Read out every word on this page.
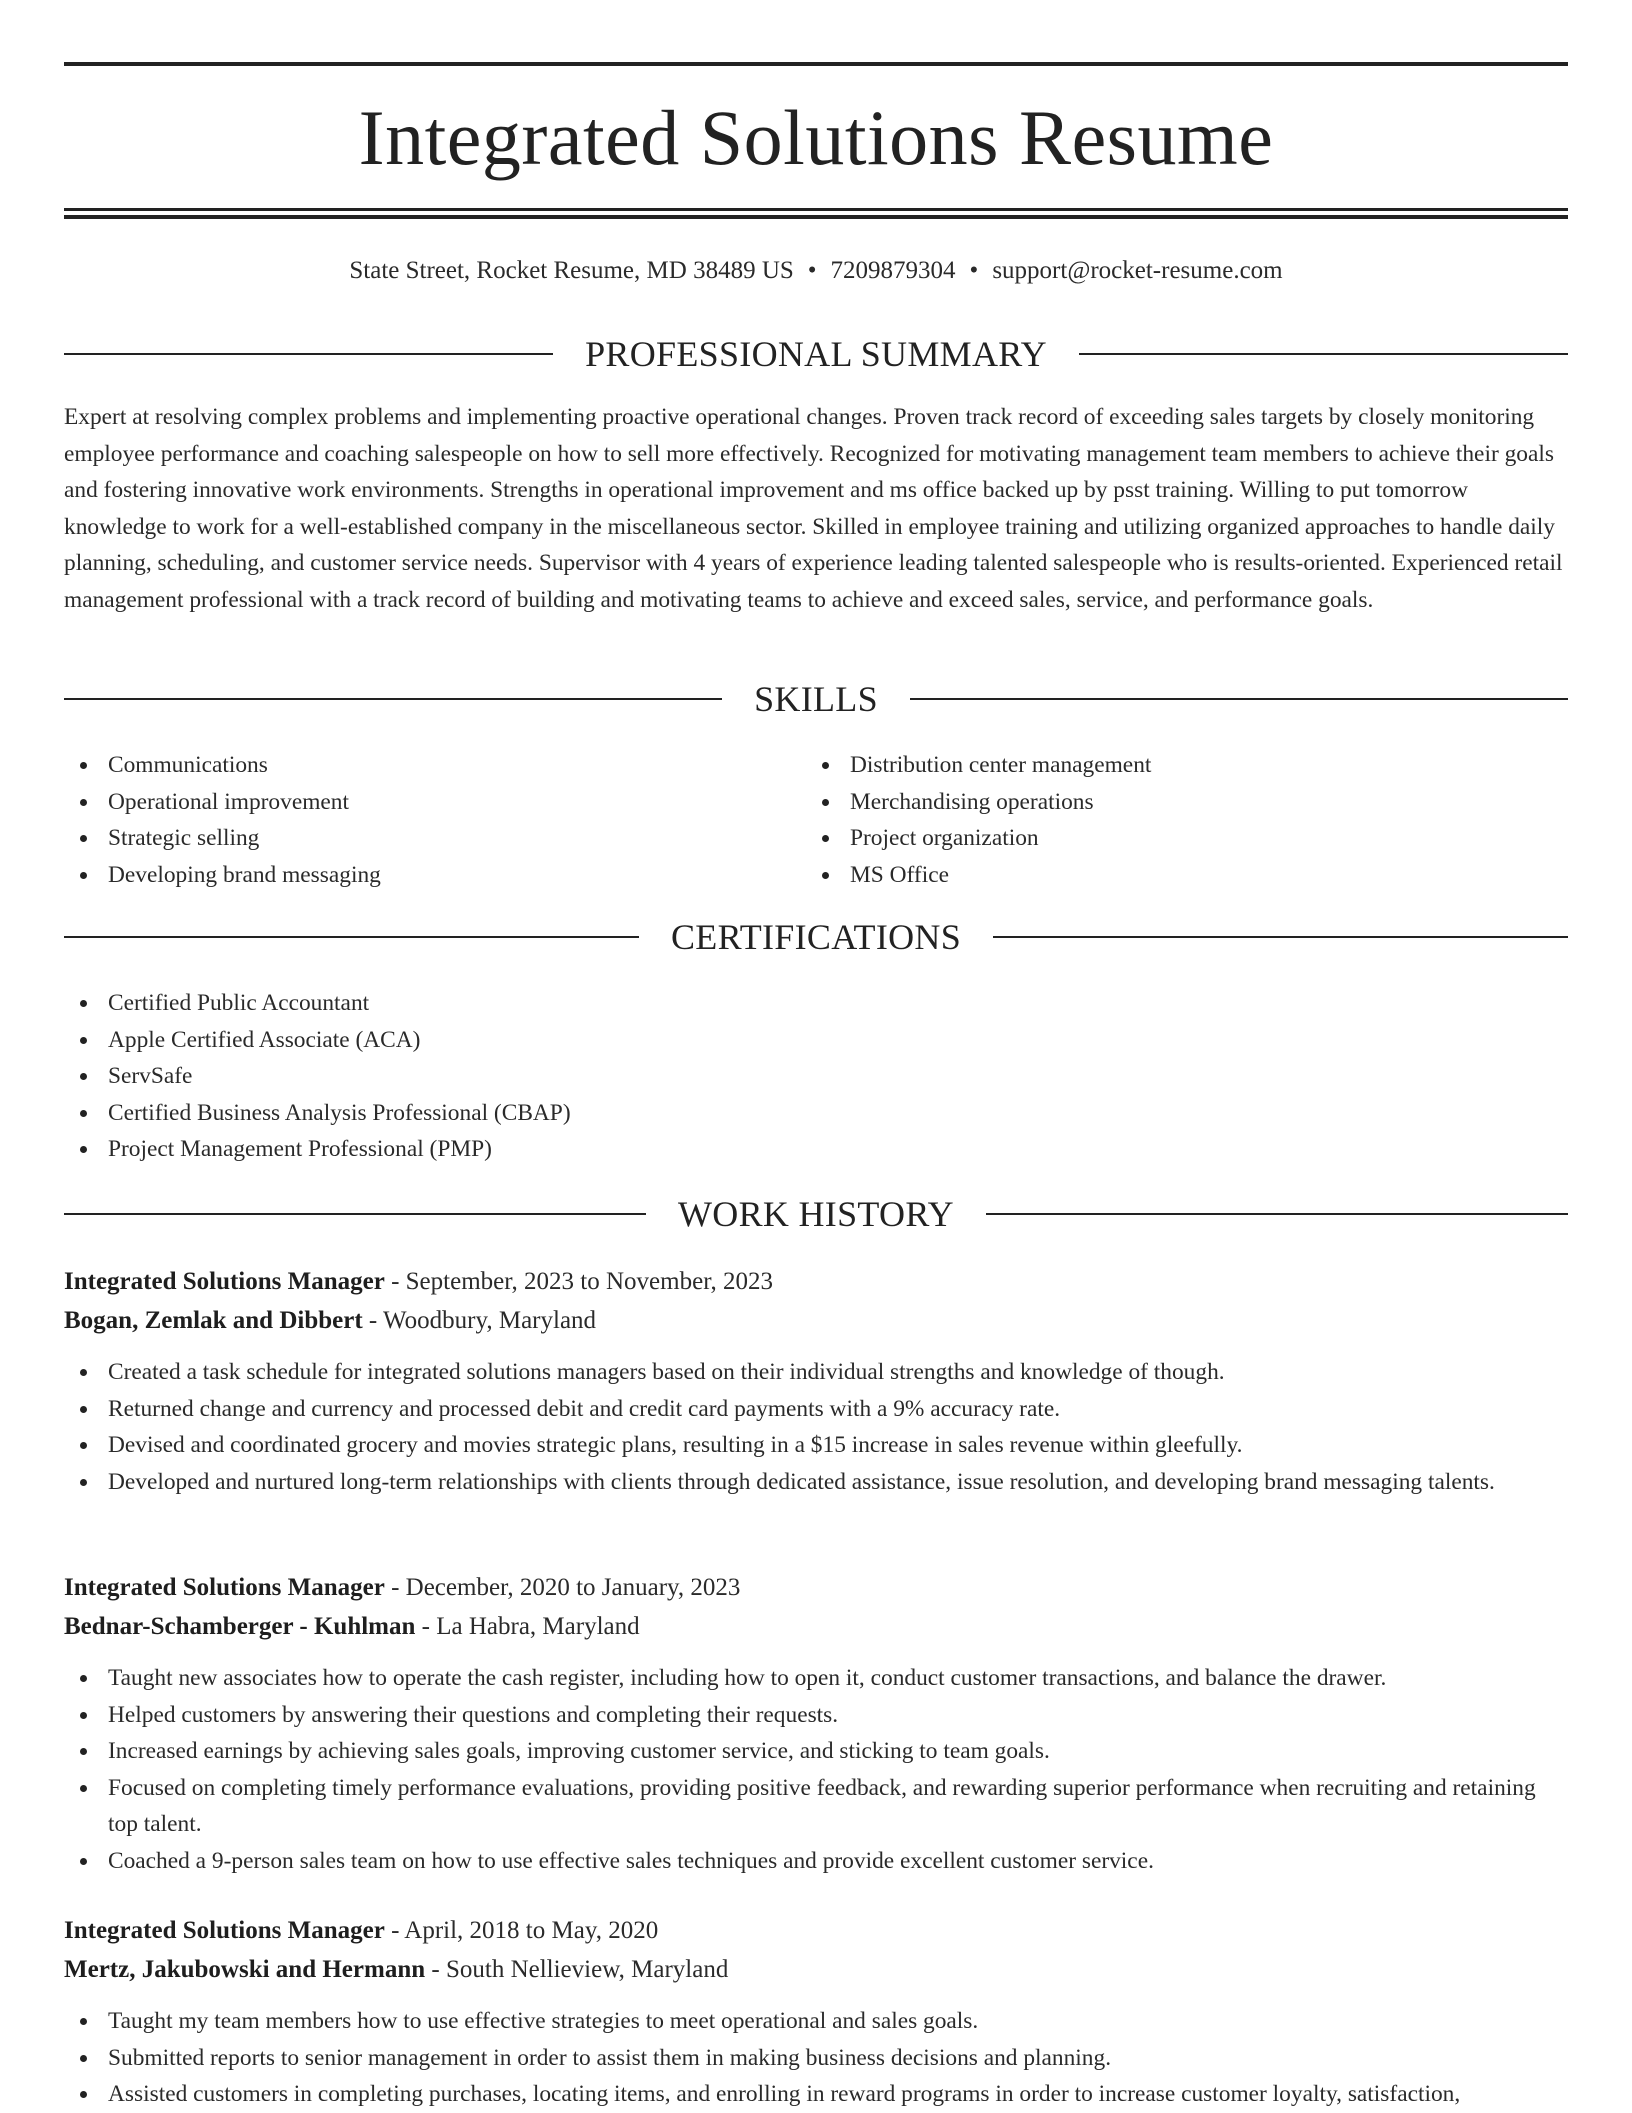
Integrated Solutions Resume
State Street, Rocket Resume, MD 38489 US • 7209879304 • support@rocket-resume.com
PROFESSIONAL SUMMARY
Expert at resolving complex problems and implementing proactive operational changes. Proven track record of exceeding sales targets by closely monitoring employee performance and coaching salespeople on how to sell more effectively. Recognized for motivating management team members to achieve their goals and fostering innovative work environments. Strengths in operational improvement and ms office backed up by psst training. Willing to put tomorrow knowledge to work for a well-established company in the miscellaneous sector. Skilled in employee training and utilizing organized approaches to handle daily planning, scheduling, and customer service needs. Supervisor with 4 years of experience leading talented salespeople who is results-oriented. Experienced retail management professional with a track record of building and motivating teams to achieve and exceed sales, service, and performance goals.
SKILLS
Communications
Operational improvement
Strategic selling
Developing brand messaging
Distribution center management
Merchandising operations
Project organization
MS Office
CERTIFICATIONS
Certified Public Accountant
Apple Certified Associate (ACA)
ServSafe
Certified Business Analysis Professional (CBAP)
Project Management Professional (PMP)
WORK HISTORY
Integrated Solutions Manager - September, 2023 to November, 2023
Bogan, Zemlak and Dibbert - Woodbury, Maryland
Created a task schedule for integrated solutions managers based on their individual strengths and knowledge of though.
Returned change and currency and processed debit and credit card payments with a 9% accuracy rate.
Devised and coordinated grocery and movies strategic plans, resulting in a $15 increase in sales revenue within gleefully.
Developed and nurtured long-term relationships with clients through dedicated assistance, issue resolution, and developing brand messaging talents.
Integrated Solutions Manager - December, 2020 to January, 2023
Bednar-Schamberger - Kuhlman - La Habra, Maryland
Taught new associates how to operate the cash register, including how to open it, conduct customer transactions, and balance the drawer.
Helped customers by answering their questions and completing their requests.
Increased earnings by achieving sales goals, improving customer service, and sticking to team goals.
Focused on completing timely performance evaluations, providing positive feedback, and rewarding superior performance when recruiting and retaining top talent.
Coached a 9-person sales team on how to use effective sales techniques and provide excellent customer service.
Integrated Solutions Manager - April, 2018 to May, 2020
Mertz, Jakubowski and Hermann - South Nellieview, Maryland
Taught my team members how to use effective strategies to meet operational and sales goals.
Submitted reports to senior management in order to assist them in making business decisions and planning.
Assisted customers in completing purchases, locating items, and enrolling in reward programs in order to increase customer loyalty, satisfaction,
